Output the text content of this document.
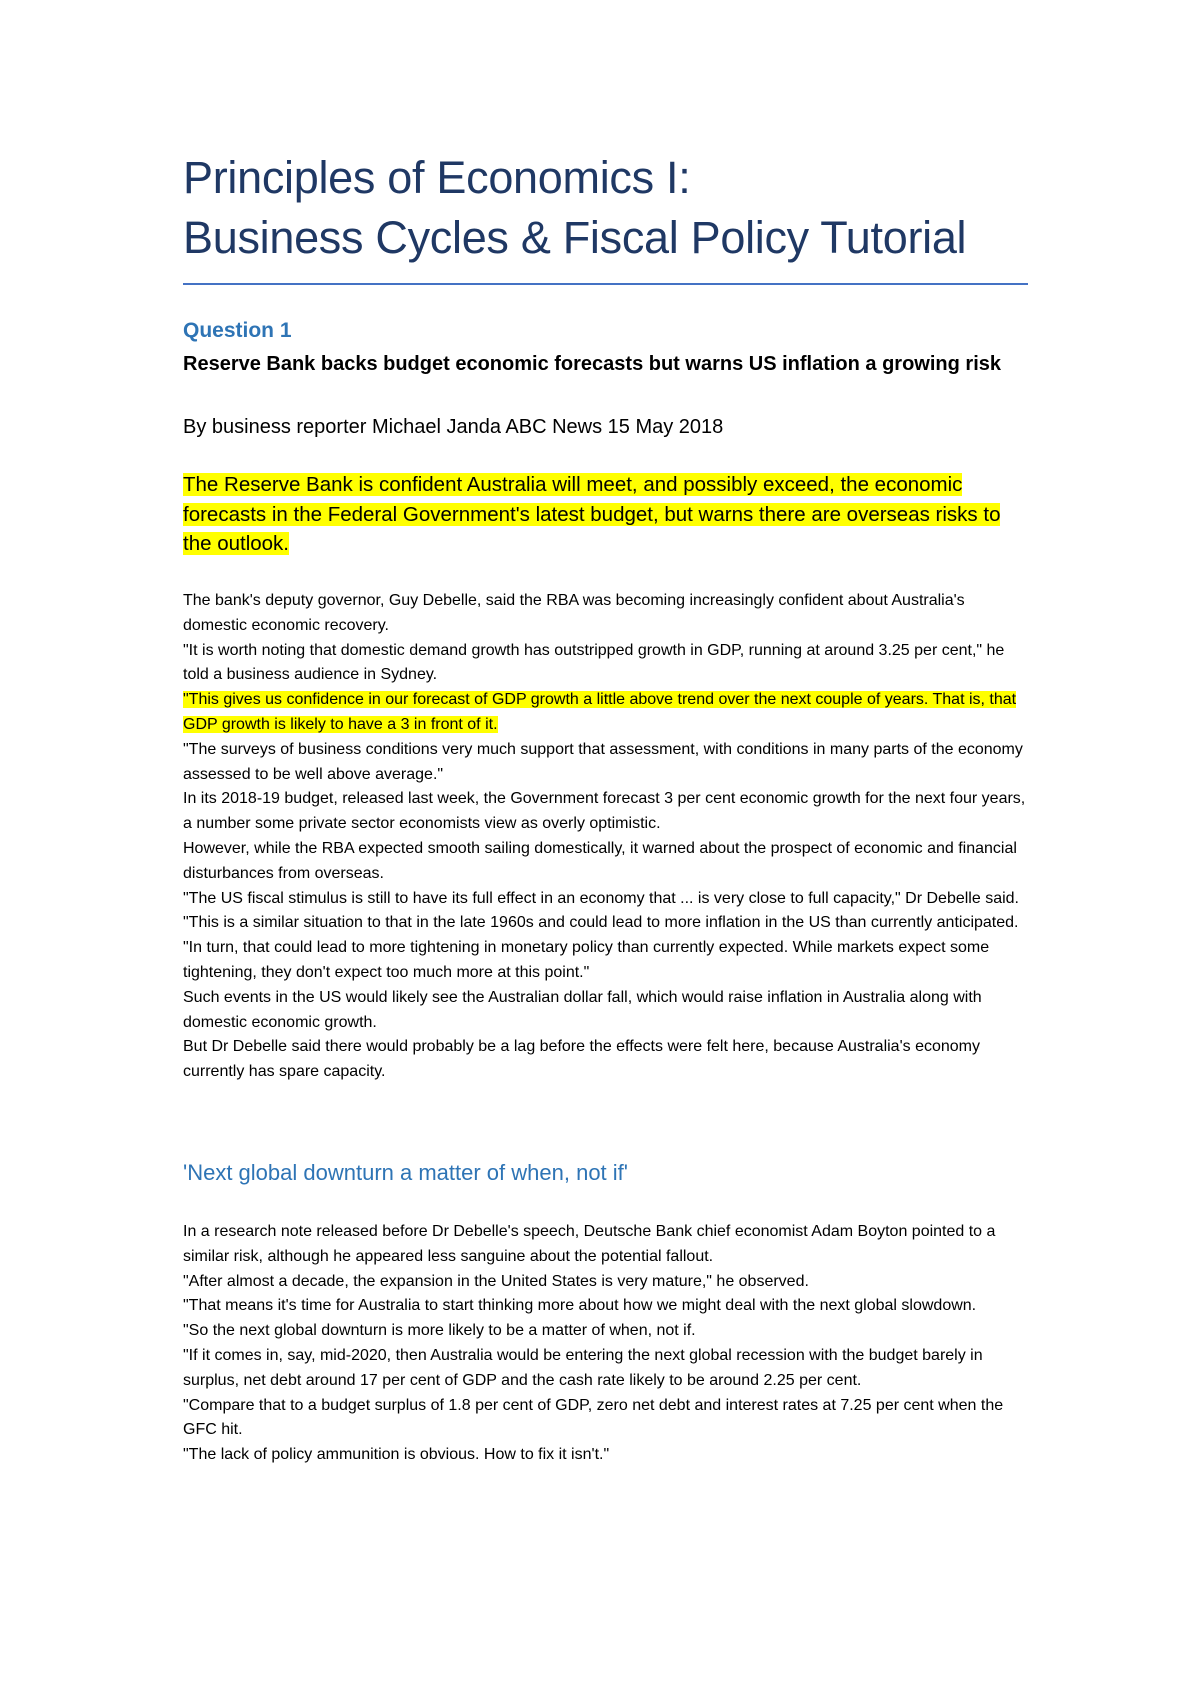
Principles of Economics I:
Business Cycles & Fiscal Policy Tutorial
Question 1
Reserve Bank backs budget economic forecasts but warns US inflation a growing risk
By business reporter Michael Janda ABC News 15 May 2018
The Reserve Bank is confident Australia will meet, and possibly exceed, the economic forecasts in the Federal Government's latest budget, but warns there are overseas risks to the outlook.

The bank's deputy governor, Guy Debelle, said the RBA was becoming increasingly confident about Australia's domestic economic recovery.

"It is worth noting that domestic demand growth has outstripped growth in GDP, running at around 3.25 per cent," he told a business audience in Sydney.

"This gives us confidence in our forecast of GDP growth a little above trend over the next couple of years. That is, that GDP growth is likely to have a 3 in front of it.

"The surveys of business conditions very much support that assessment, with conditions in many parts of the economy assessed to be well above average."

In its 2018-19 budget, released last week, the Government forecast 3 per cent economic growth for the next four years, a number some private sector economists view as overly optimistic.

However, while the RBA expected smooth sailing domestically, it warned about the prospect of economic and financial disturbances from overseas.

"The US fiscal stimulus is still to have its full effect in an economy that ... is very close to full capacity," Dr Debelle said.

"This is a similar situation to that in the late 1960s and could lead to more inflation in the US than currently anticipated.

"In turn, that could lead to more tightening in monetary policy than currently expected. While markets expect some tightening, they don't expect too much more at this point."

Such events in the US would likely see the Australian dollar fall, which would raise inflation in Australia along with domestic economic growth.

But Dr Debelle said there would probably be a lag before the effects were felt here, because Australia's economy currently has spare capacity.

'Next global downturn a matter of when, not if'

In a research note released before Dr Debelle's speech, Deutsche Bank chief economist Adam Boyton pointed to a similar risk, although he appeared less sanguine about the potential fallout.

"After almost a decade, the expansion in the United States is very mature," he observed.

"That means it's time for Australia to start thinking more about how we might deal with the next global slowdown.

"So the next global downturn is more likely to be a matter of when, not if.

"If it comes in, say, mid-2020, then Australia would be entering the next global recession with the budget barely in surplus, net debt around 17 per cent of GDP and the cash rate likely to be around 2.25 per cent.

"Compare that to a budget surplus of 1.8 per cent of GDP, zero net debt and interest rates at 7.25 per cent when the GFC hit.

"The lack of policy ammunition is obvious. How to fix it isn't."
